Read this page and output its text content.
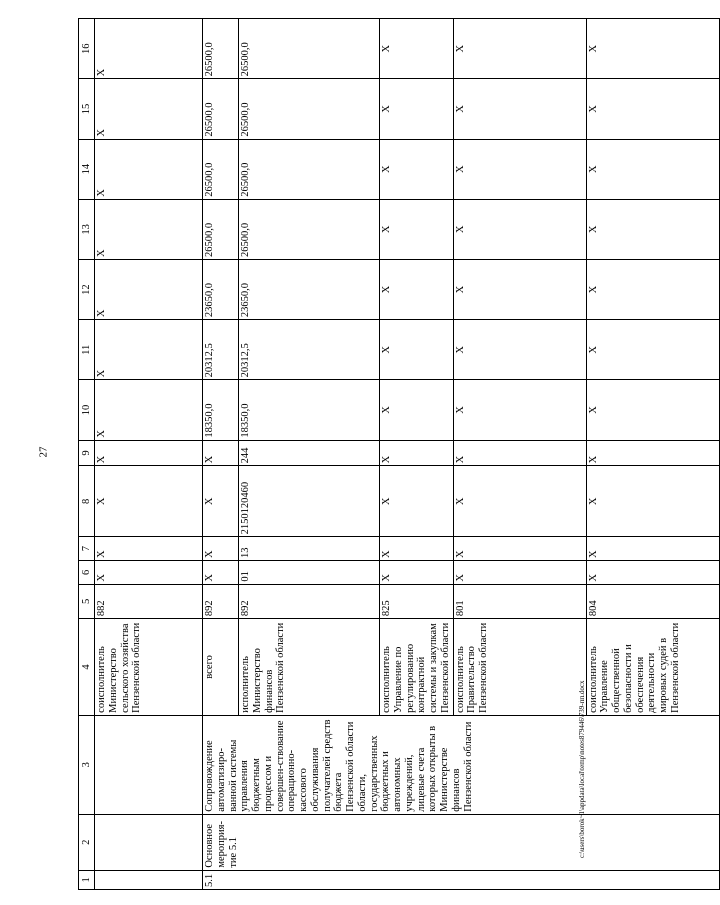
27
c:\users\borok~1\appdata\local\temp\notes879446\739-пп.docx
1	2	3	4	5	6	7	8	9	10	11	12	13	14	15	16
			соисполнитель Министерство сельского хозяйства Пензенской области	882	Х	Х	Х	Х	Х	Х	Х	Х	Х	Х	Х
5.1	Основное мероприя-тие 5.1	Сопровождение автоматизиро-ванной системы управления бюджетным процессом и совершен-ствование операционно-кассового обслуживания получателей средств бюджета Пензенской области области, государственных бюджетных и автономных учреждений, лицевые счета которых открыты в Министерстве финансов Пензенской области	всего	892	Х	Х	Х	Х	18350,0	20312,5	23650,0	26500,0	26500,0	26500,0	26500,0
			исполнитель Министерство финансов Пензенской области	892	01	13	2150120460	244	18350,0	20312,5	23650,0	26500,0	26500,0	26500,0	26500,0
			соисполнитель Управление по регулированию контрактной системы и закупкам Пензенской области	825	Х	Х	Х	Х	Х	Х	Х	Х	Х	Х	Х
			соисполнитель Правительство Пензенской области	801	Х	Х	Х	Х	Х	Х	Х	Х	Х	Х	Х
			соисполнитель Управление общественной безопасности и обеспечения деятельности мировых судей в Пензенской области	804	Х	Х	Х	Х	Х	Х	Х	Х	Х	Х	Х
